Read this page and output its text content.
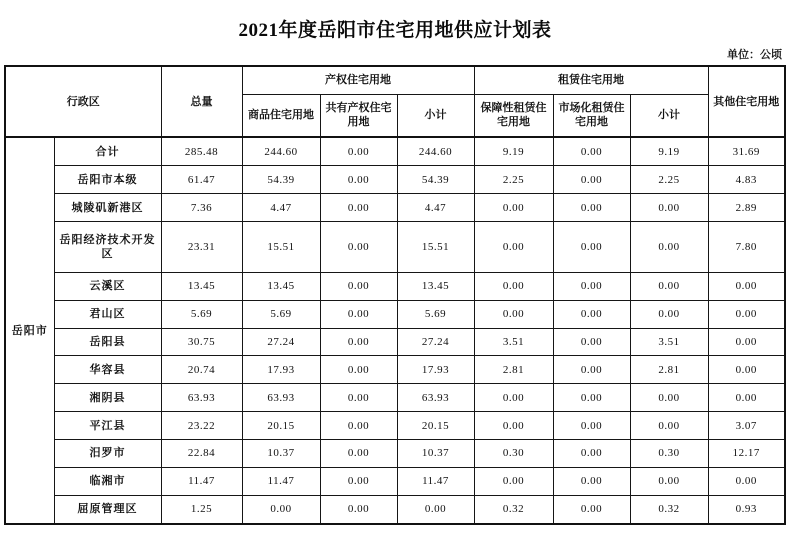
2021年度岳阳市住宅用地供应计划表
单位：公顷
行政区		总量	产权住宅用地			租赁住宅用地			其他住宅用地
			商品住宅用地	共有产权住宅用地	小计	保障性租赁住宅用地	市场化租赁住宅用地	小计	
岳阳市	合计	285.48	244.60	0.00	244.60	9.19	0.00	9.19	31.69
	岳阳市本级	61.47	54.39	0.00	54.39	2.25	0.00	2.25	4.83
	城陵矶新港区	7.36	4.47	0.00	4.47	0.00	0.00	0.00	2.89
	岳阳经济技术开发区	23.31	15.51	0.00	15.51	0.00	0.00	0.00	7.80
	云溪区	13.45	13.45	0.00	13.45	0.00	0.00	0.00	0.00
	君山区	5.69	5.69	0.00	5.69	0.00	0.00	0.00	0.00
	岳阳县	30.75	27.24	0.00	27.24	3.51	0.00	3.51	0.00
	华容县	20.74	17.93	0.00	17.93	2.81	0.00	2.81	0.00
	湘阴县	63.93	63.93	0.00	63.93	0.00	0.00	0.00	0.00
	平江县	23.22	20.15	0.00	20.15	0.00	0.00	0.00	3.07
	汨罗市	22.84	10.37	0.00	10.37	0.30	0.00	0.30	12.17
	临湘市	11.47	11.47	0.00	11.47	0.00	0.00	0.00	0.00
	屈原管理区	1.25	0.00	0.00	0.00	0.32	0.00	0.32	0.93
